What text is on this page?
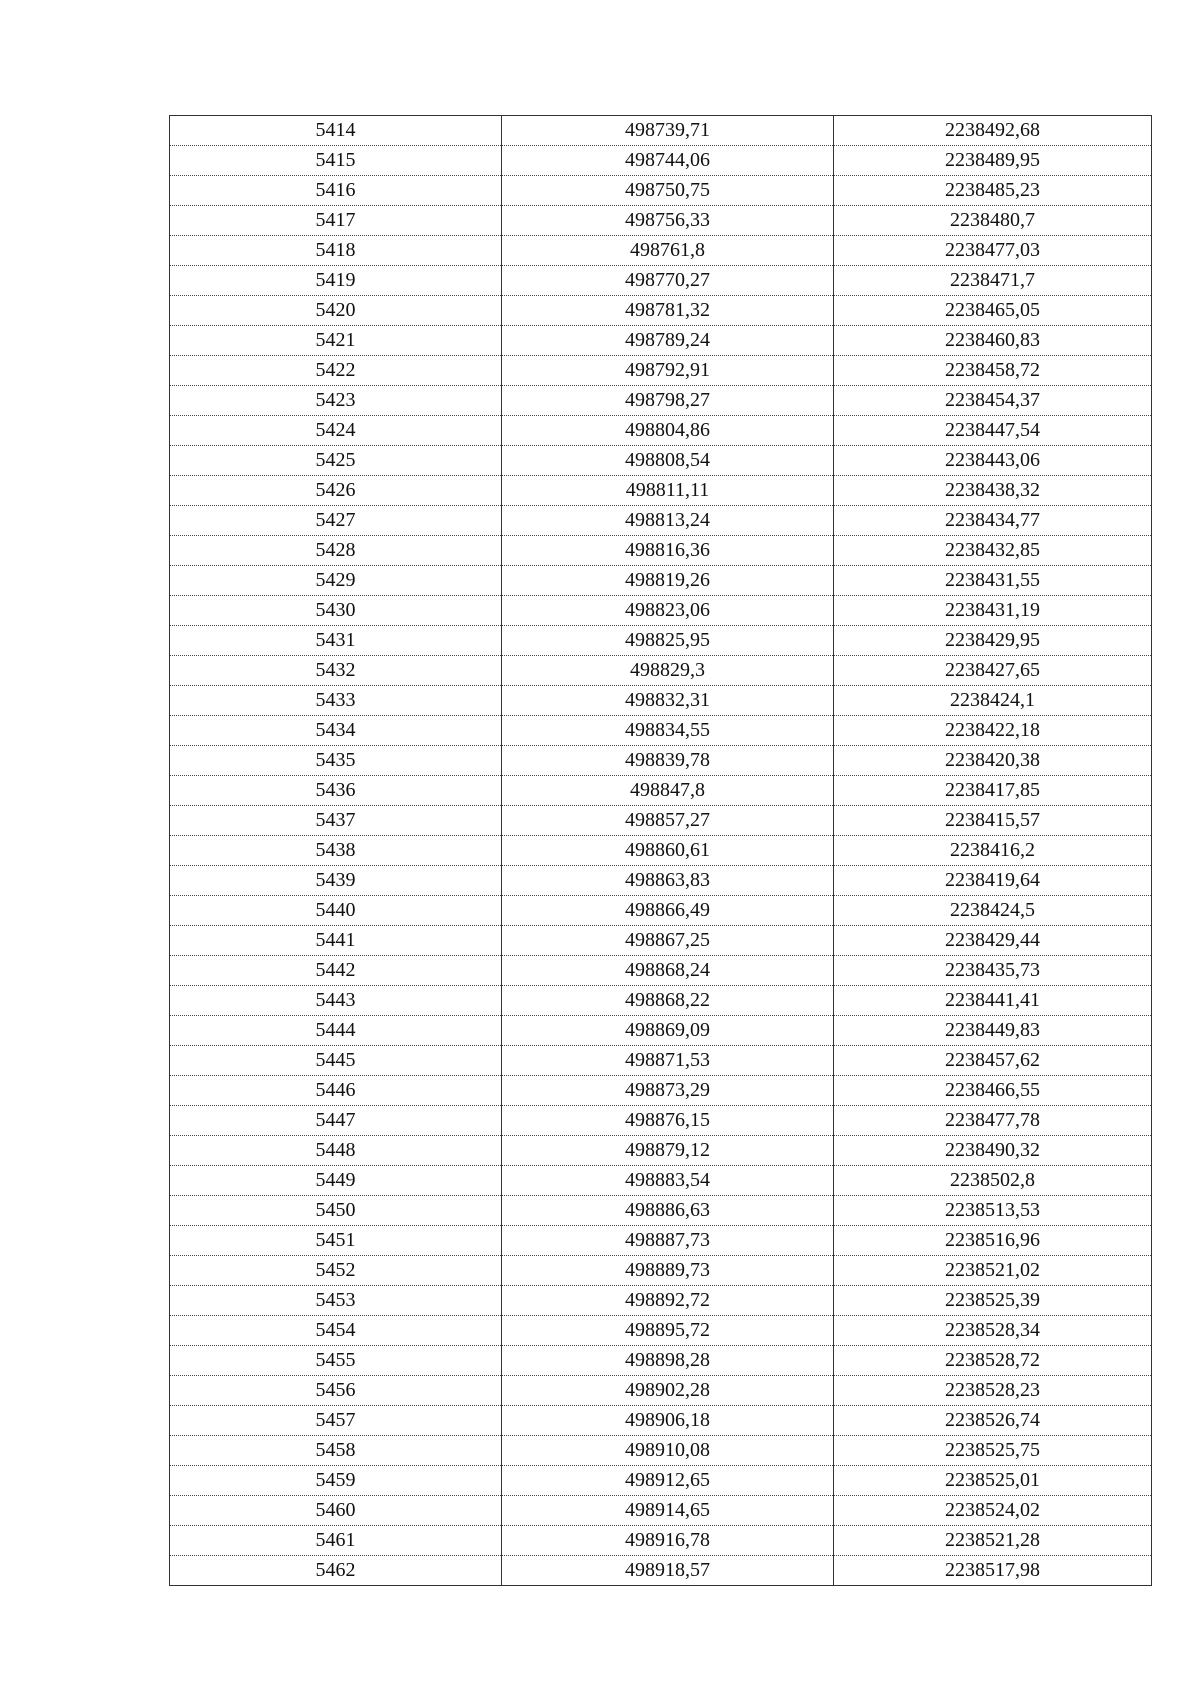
5414	498739,71	2238492,68
5415	498744,06	2238489,95
5416	498750,75	2238485,23
5417	498756,33	2238480,7
5418	498761,8	2238477,03
5419	498770,27	2238471,7
5420	498781,32	2238465,05
5421	498789,24	2238460,83
5422	498792,91	2238458,72
5423	498798,27	2238454,37
5424	498804,86	2238447,54
5425	498808,54	2238443,06
5426	498811,11	2238438,32
5427	498813,24	2238434,77
5428	498816,36	2238432,85
5429	498819,26	2238431,55
5430	498823,06	2238431,19
5431	498825,95	2238429,95
5432	498829,3	2238427,65
5433	498832,31	2238424,1
5434	498834,55	2238422,18
5435	498839,78	2238420,38
5436	498847,8	2238417,85
5437	498857,27	2238415,57
5438	498860,61	2238416,2
5439	498863,83	2238419,64
5440	498866,49	2238424,5
5441	498867,25	2238429,44
5442	498868,24	2238435,73
5443	498868,22	2238441,41
5444	498869,09	2238449,83
5445	498871,53	2238457,62
5446	498873,29	2238466,55
5447	498876,15	2238477,78
5448	498879,12	2238490,32
5449	498883,54	2238502,8
5450	498886,63	2238513,53
5451	498887,73	2238516,96
5452	498889,73	2238521,02
5453	498892,72	2238525,39
5454	498895,72	2238528,34
5455	498898,28	2238528,72
5456	498902,28	2238528,23
5457	498906,18	2238526,74
5458	498910,08	2238525,75
5459	498912,65	2238525,01
5460	498914,65	2238524,02
5461	498916,78	2238521,28
5462	498918,57	2238517,98
